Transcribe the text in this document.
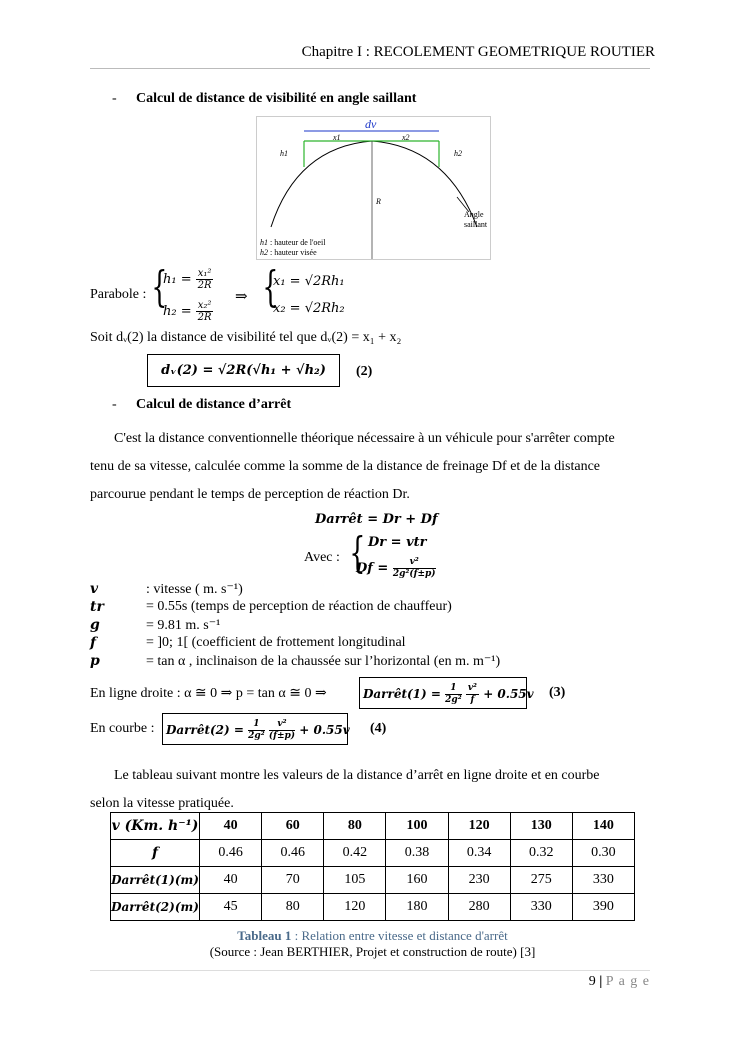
Chapitre I : RECOLEMENT GEOMETRIQUE ROUTIER
- Calcul de distance de visibilité en angle saillant
dv
x1	x2
h1	h2
R
Angle
saillant
h1 : hauteur de l'oeil
h2 : hauteur visée
Parabole : {
$h_1 = \frac{\text{x₁²}}{2R}$
$h_2 = \frac{\text{x₂²}}{2R}$
⇒ {
x₁ = √2Rh₁
x₂ = √2Rh₂
Soit dᵥ(2) la distance de visibilité tel que dᵥ(2) = x₁ + x₂
dᵥ(2) = √2R(√h₁ + √h₂)	(2)
- Calcul de distance d’arrêt
C'est la distance conventionnelle théorique nécessaire à un véhicule pour s'arrêter compte
tenu de sa vitesse, calculée comme la somme de la distance de freinage Df et de la distance
parcourue pendant le temps de perception de réaction Dr.
Darrêt = Dr + Df
Avec : { Dr = vtr
$Df = \frac{\text{v²}}{\text{2g²(f±p)}}$
v	: vitesse ( m. s⁻¹)
tr	= 0.55s (temps de perception de réaction de chauffeur)
g	= 9.81 m. s⁻¹
f	= ]0; 1[ (coefficient de frottement longitudinal
p	= tan α , inclinaison de la chaussée sur l’horizontal (en m. m⁻¹)
En ligne droite : α ≅ 0 ⇒ p = tan α ≅ 0 ⇒	Darrêt(1) = $\frac{1}{\text{2g²}}$
$\frac{\text{v²}}{f} + 0.55v$ (3)
En courbe : Darrêt(2) = $\frac{1}{\text{2g²}}$
$\frac{\text{v²}}{(f\pm p)} + 0.55v$ (4)
Le tableau suivant montre les valeurs de la distance d’arrêt en ligne droite et en courbe
selon la vitesse pratiquée.
v (Km. h⁻¹)	40	60	80	100	120	130	140
f	0.46	0.46	0.42	0.38	0.34	0.32	0.30
Darrêt(1)(m)	40	70	105	160	230	275	330
Darrêt(2)(m)	45	80	120	180	280	330	390
Tableau 1 : Relation entre vitesse et distance d'arrêt
(Source : Jean BERTHIER, Projet et construction de route) [3]
9 | P a g e
